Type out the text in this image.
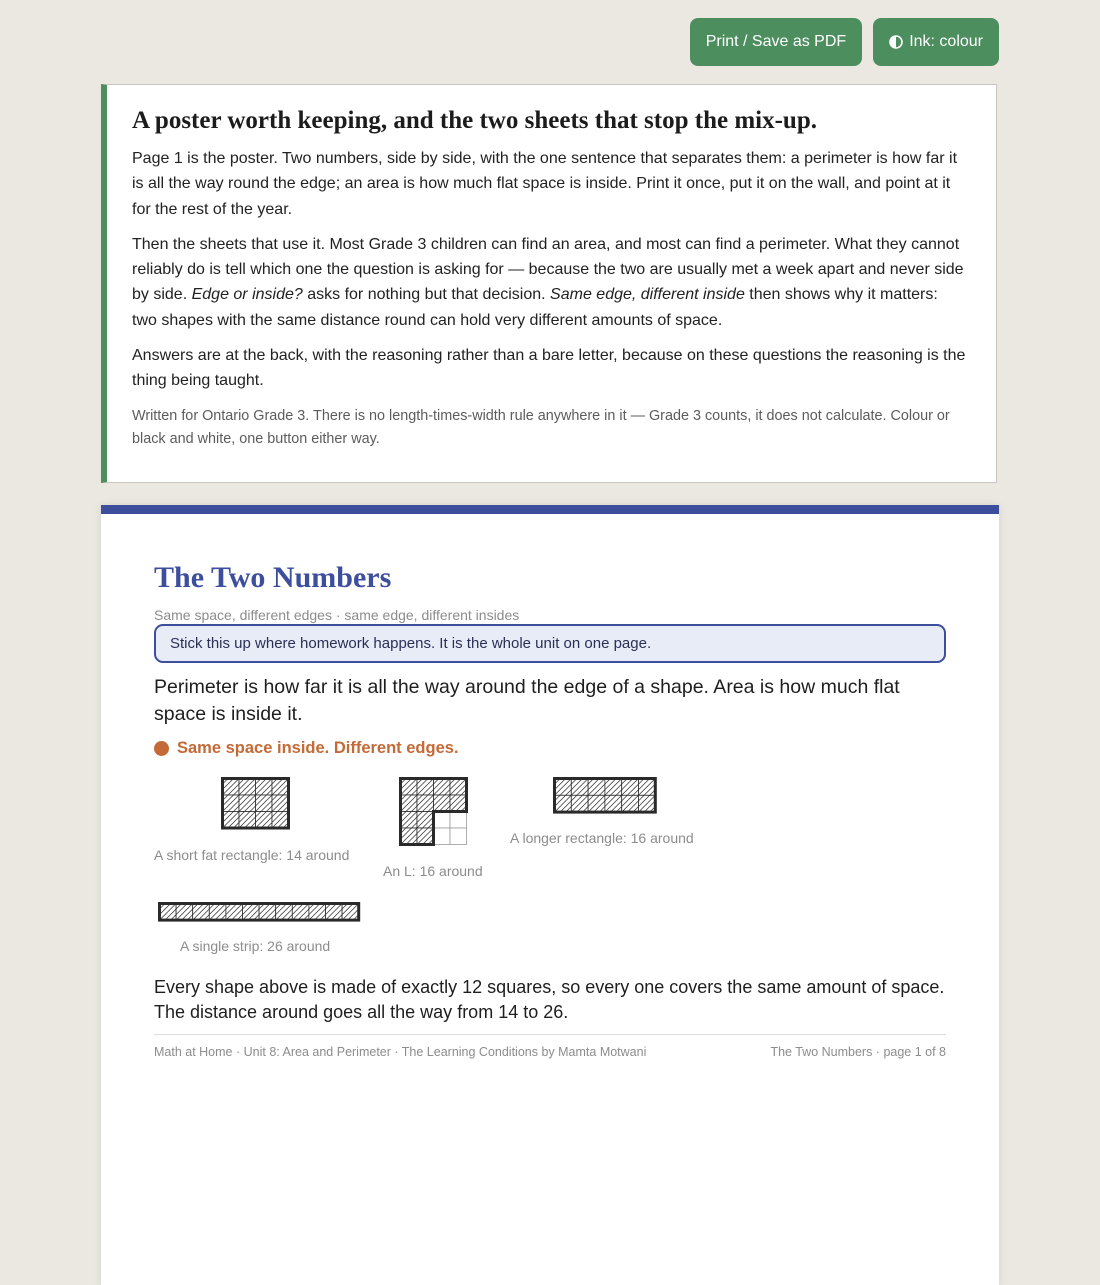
Print / Save as PDF	Ink: colour
A poster worth keeping, and the two sheets that stop the mix-up.

Page 1 is the poster. Two numbers, side by side, with the one sentence that separates them: a perimeter is how far it is all the way round the edge; an area is how much flat space is inside. Print it once, put it on the wall, and point at it for the rest of the year.

Then the sheets that use it. Most Grade 3 children can find an area, and most can find a perimeter. What they cannot reliably do is tell which one the question is asking for — because the two are usually met a week apart and never side by side. Edge or inside? asks for nothing but that decision. Same edge, different inside then shows why it matters: two shapes with the same distance round can hold very different amounts of space.

Answers are at the back, with the reasoning rather than a bare letter, because on these questions the reasoning is the thing being taught.

Written for Ontario Grade 3. There is no length-times-width rule anywhere in it — Grade 3 counts, it does not calculate. Colour or black and white, one button either way.

The Two Numbers
Same space, different edges · same edge, different insides
Stick this up where homework happens. It is the whole unit on one page.

Perimeter is how far it is all the way around the edge of a shape. Area is how much flat space is inside it.

Same space inside. Different edges.
A short fat rectangle: 14 around
An L: 16 around
A longer rectangle: 16 around
A single strip: 26 around

Every shape above is made of exactly 12 squares, so every one covers the same amount of space. The distance around goes all the way from 14 to 26.

Math at Home · Unit 8: Area and Perimeter · The Learning Conditions by Mamta Motwani	The Two Numbers · page 1 of 8
